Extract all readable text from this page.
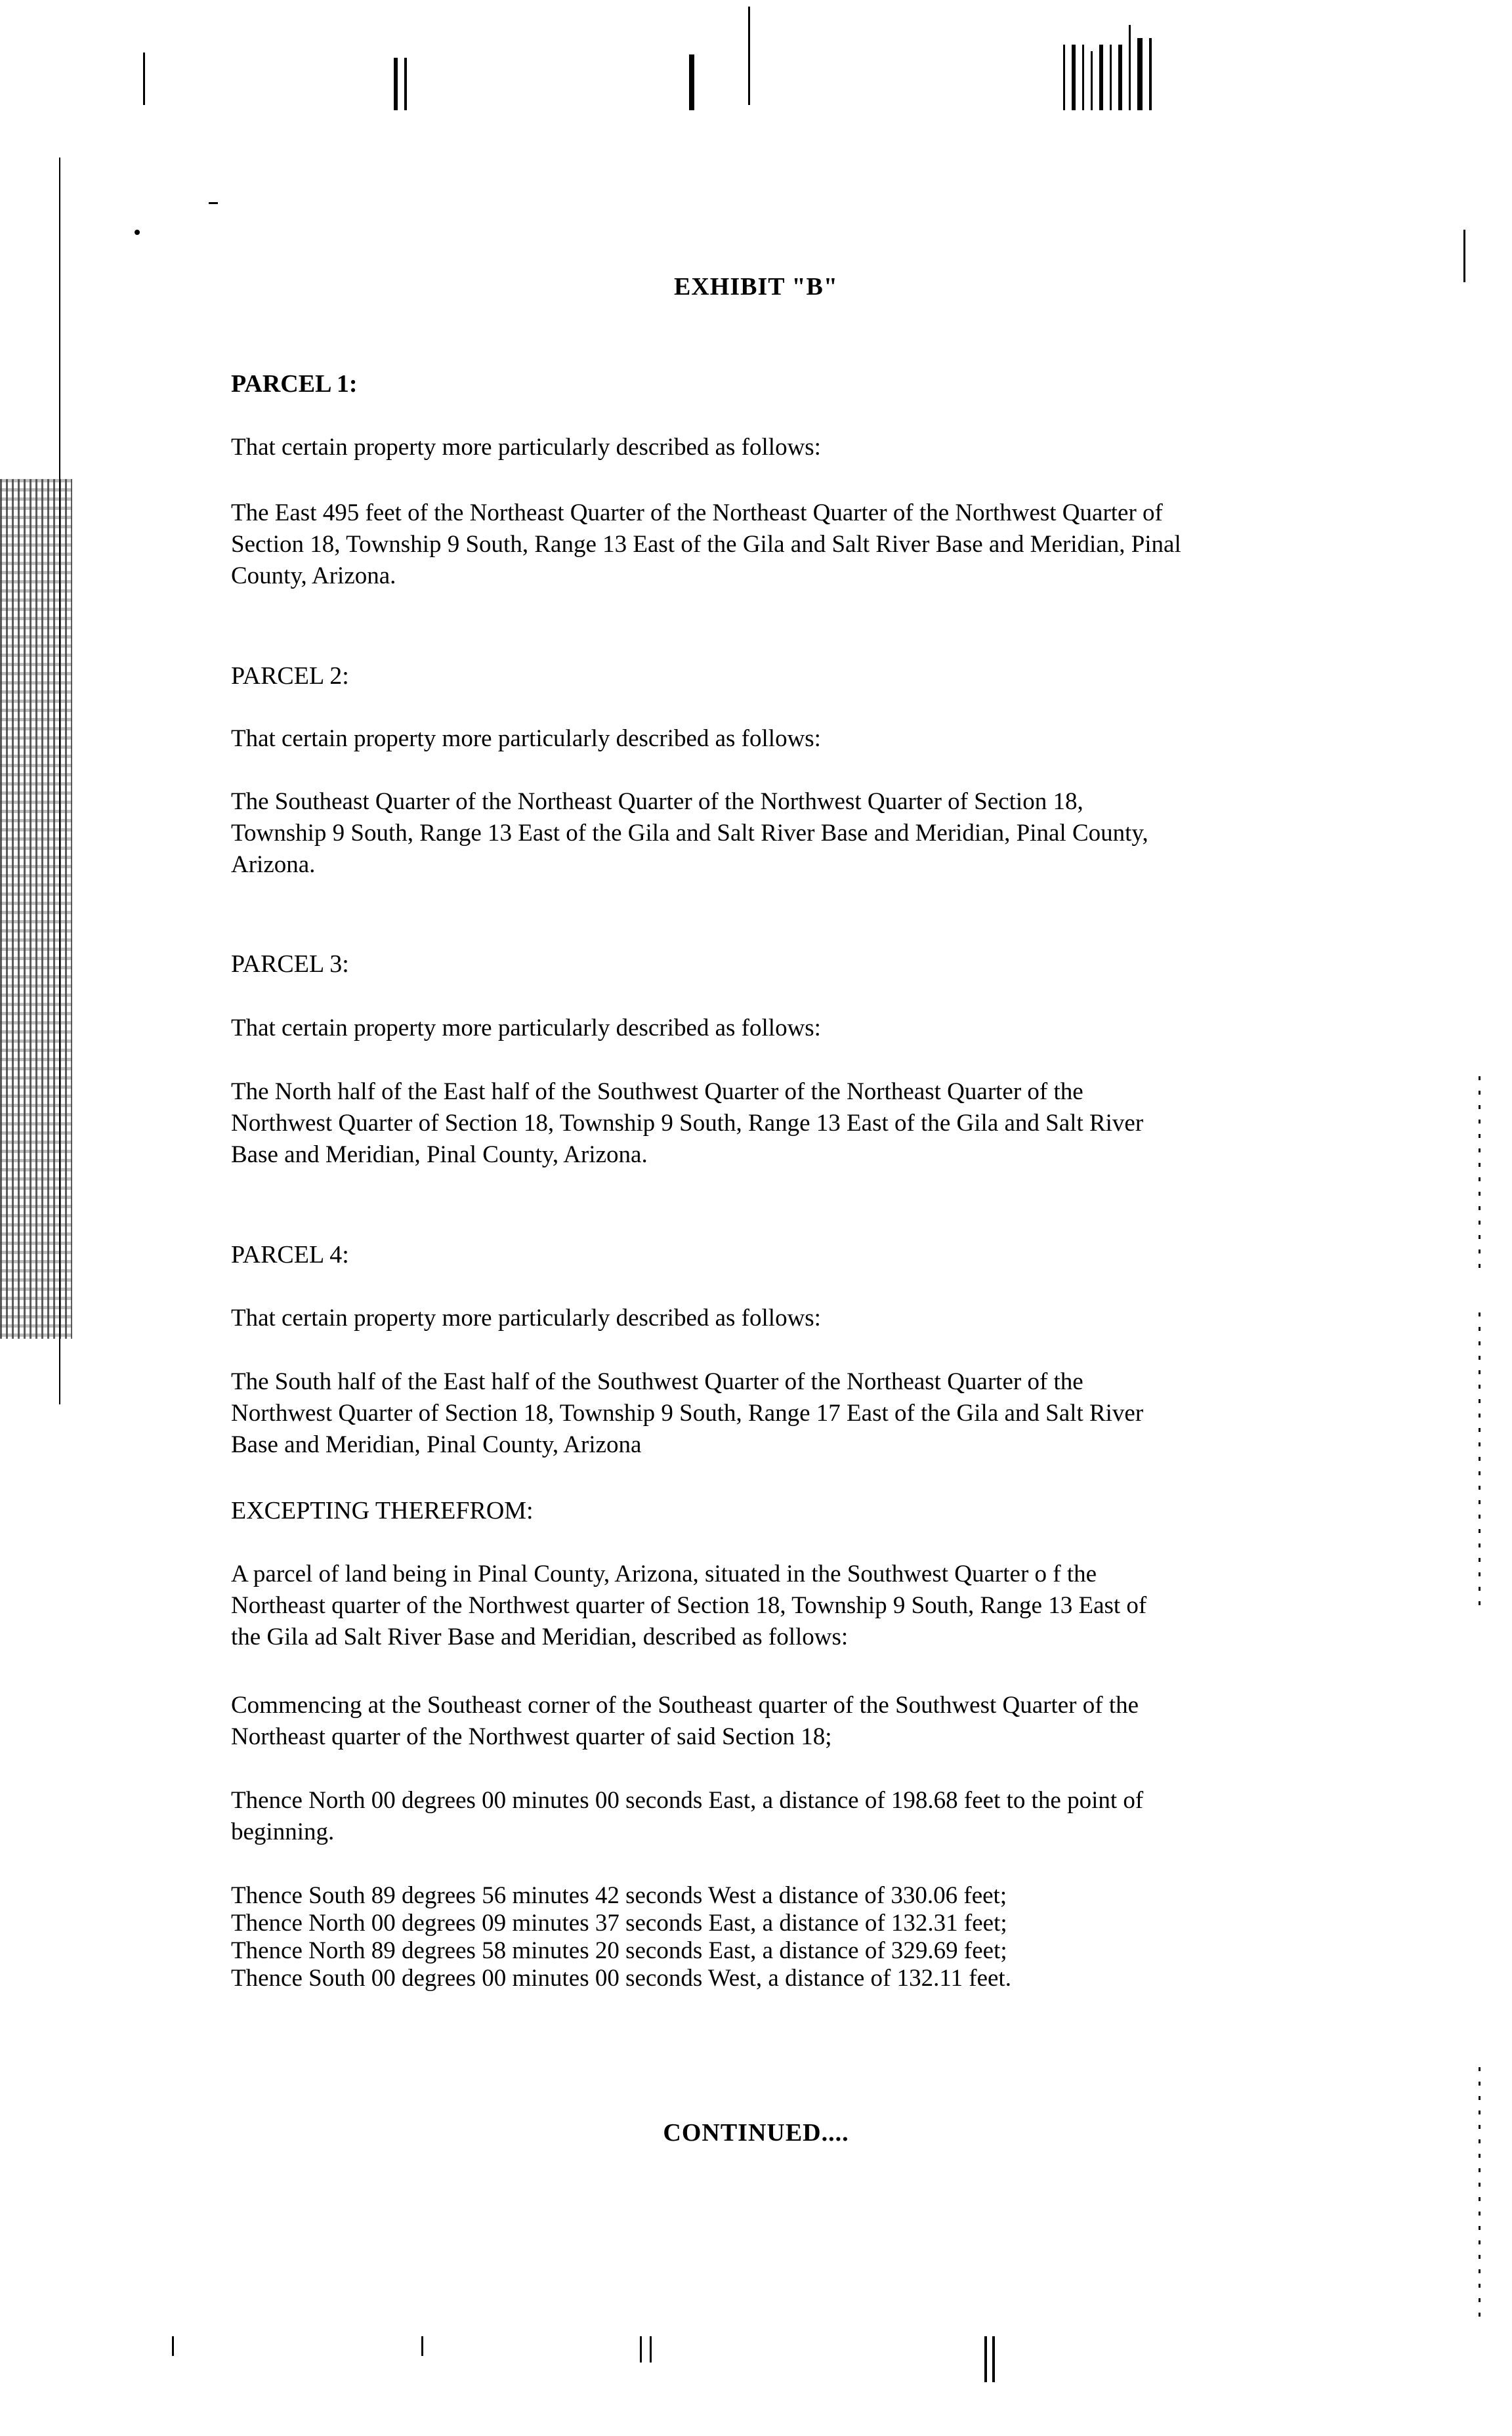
EXHIBIT "B"
PARCEL 1:
That certain property more particularly described as follows:
The East 495 feet of the Northeast Quarter of the Northeast Quarter of the Northwest Quarter of
Section 18, Township 9 South, Range 13 East of the Gila and Salt River Base and Meridian, Pinal
County, Arizona.
PARCEL 2:
That certain property more particularly described as follows:
The Southeast Quarter of the Northeast Quarter of the Northwest Quarter of Section 18,
Township 9 South, Range 13 East of the Gila and Salt River Base and Meridian, Pinal County,
Arizona.
PARCEL 3:
That certain property more particularly described as follows:
The North half of the East half of the Southwest Quarter of the Northeast Quarter of the
Northwest Quarter of Section 18, Township 9 South, Range 13 East of the Gila and Salt River
Base and Meridian, Pinal County, Arizona.
PARCEL 4:
That certain property more particularly described as follows:
The South half of the East half of the Southwest Quarter of the Northeast Quarter of the
Northwest Quarter of Section 18, Township 9 South, Range 17 East of the Gila and Salt River
Base and Meridian, Pinal County, Arizona
EXCEPTING THEREFROM:
A parcel of land being in Pinal County, Arizona, situated in the Southwest Quarter o f the
Northeast quarter of the Northwest quarter of Section 18, Township 9 South, Range 13 East of
the Gila ad Salt River Base and Meridian, described as follows:
Commencing at the Southeast corner of the Southeast quarter of the Southwest Quarter of the
Northeast quarter of the Northwest quarter of said Section 18;
Thence North 00 degrees 00 minutes 00 seconds East, a distance of 198.68 feet to the point of
beginning.
Thence South 89 degrees 56 minutes 42 seconds West a distance of 330.06 feet;
Thence North 00 degrees 09 minutes 37 seconds East, a distance of 132.31 feet;
Thence North 89 degrees 58 minutes 20 seconds East, a distance of 329.69 feet;
Thence South 00 degrees 00 minutes 00 seconds West, a distance of 132.11 feet.
CONTINUED....
